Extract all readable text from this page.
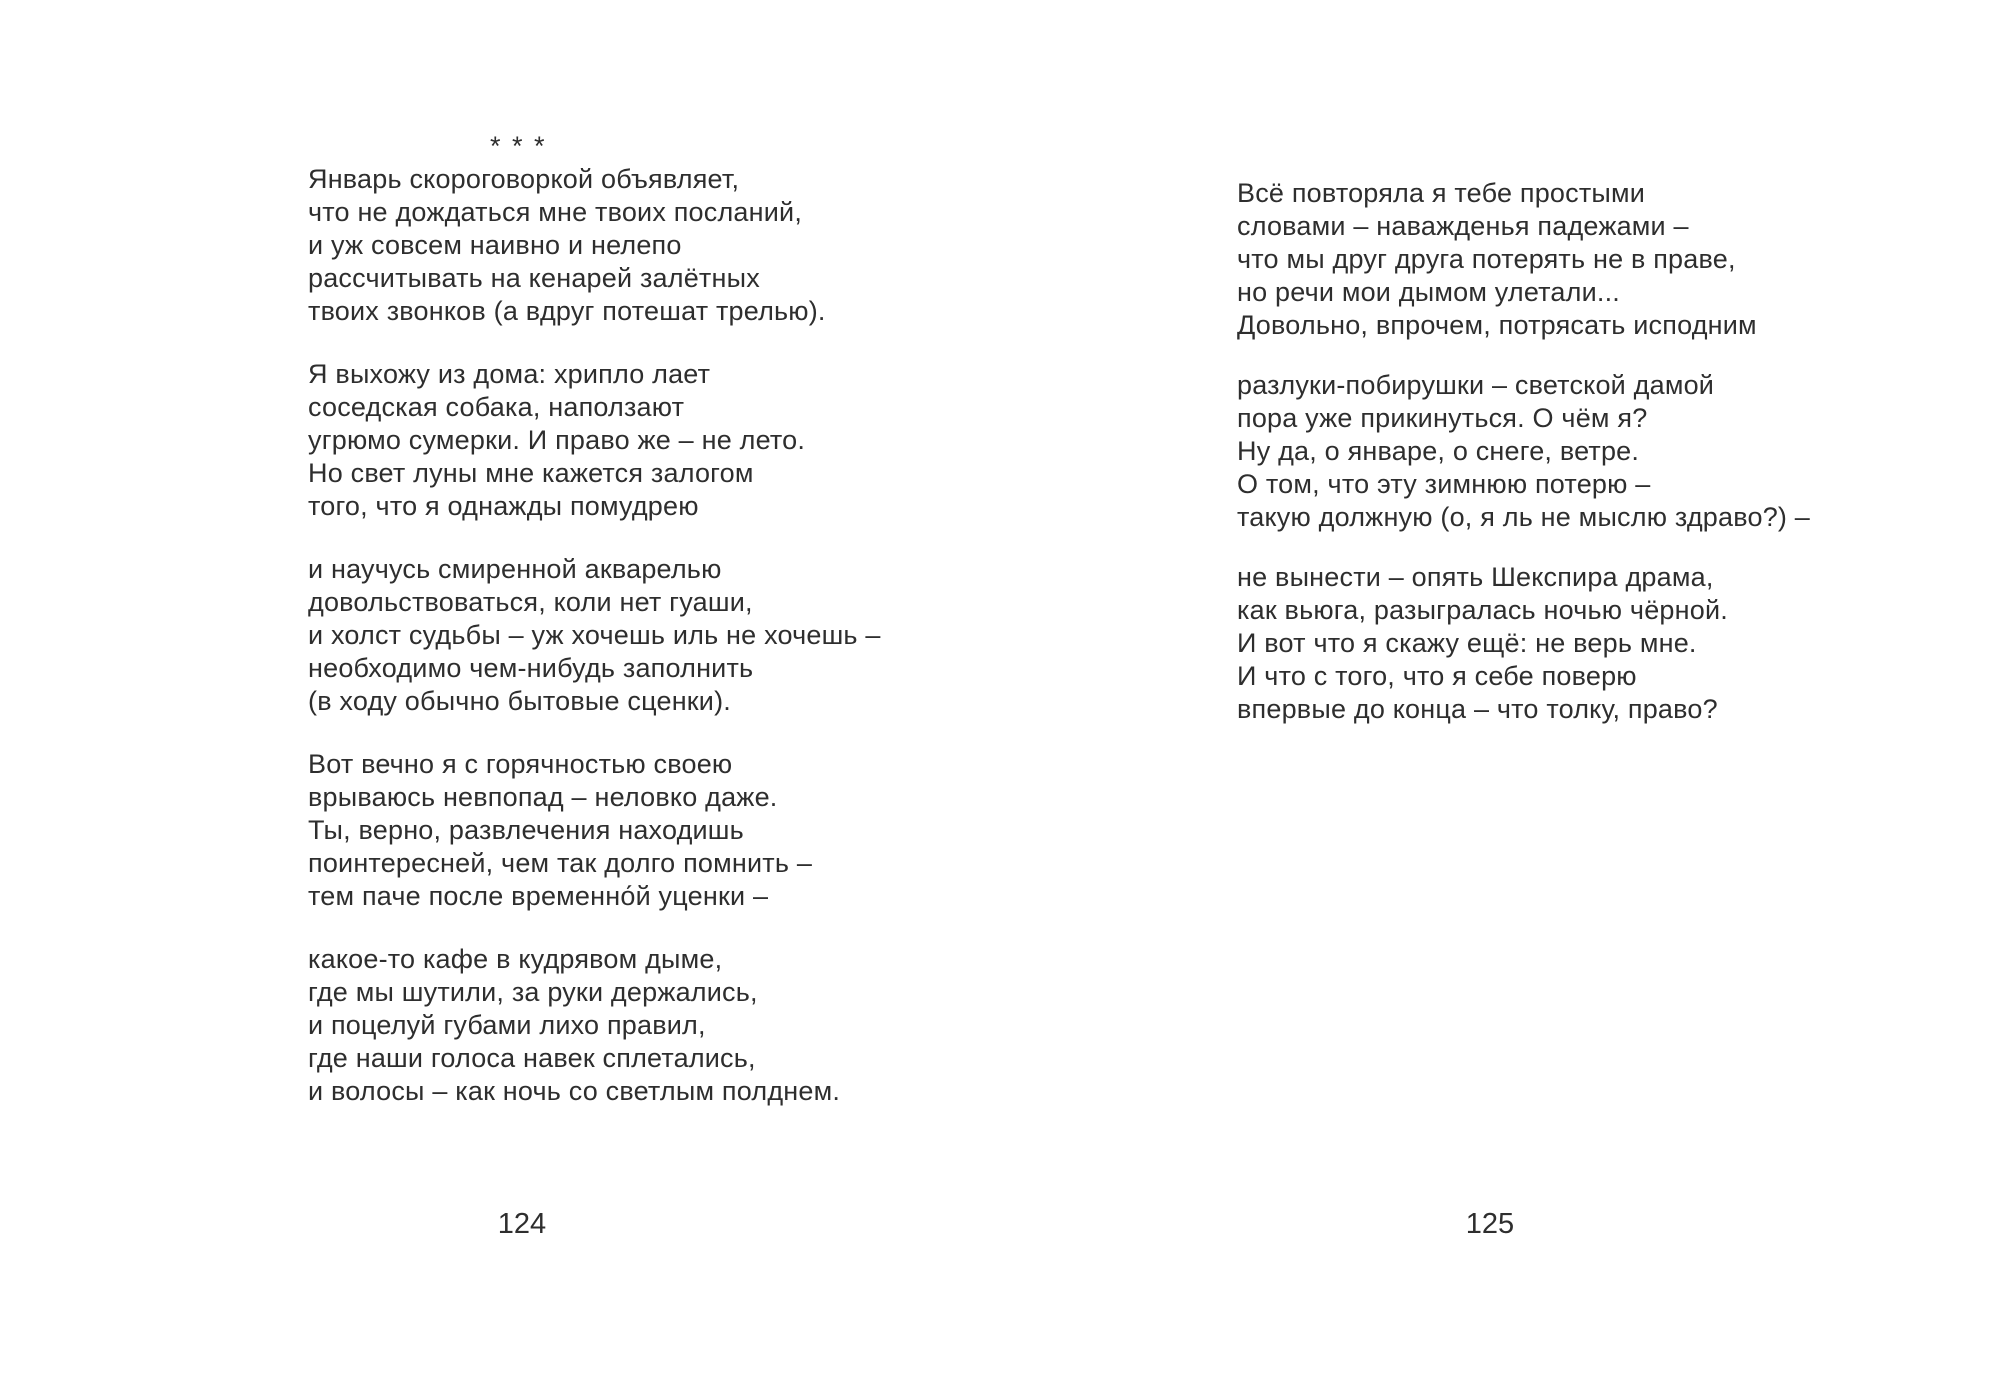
* * *
Январь скороговоркой объявляет,
что не дождаться мне твоих посланий,
и уж совсем наивно и нелепо
рассчитывать на кенарей залётных
твоих звонков (а вдруг потешат трелью).
Я выхожу из дома: хрипло лает
соседская собака, наползают
угрюмо сумерки. И право же – не лето.
Но свет луны мне кажется залогом
того, что я однажды помудрею
и научусь смиренной акварелью
довольствоваться, коли нет гуаши,
и холст судьбы – уж хочешь иль не хочешь –
необходимо чем-нибудь заполнить
(в ходу обычно бытовые сценки).
Вот вечно я с горячностью своею
врываюсь невпопад – неловко даже.
Ты, верно, развлечения находишь
поинтересней, чем так долго помнить –
тем паче после временно́й уценки –
какое-то кафе в кудрявом дыме,
где мы шутили, за руки держались,
и поцелуй губами лихо правил,
где наши голоса навек сплетались,
и волосы – как ночь со светлым полднем.
Всё повторяла я тебе простыми
словами – наважденья падежами –
что мы друг друга потерять не в праве,
но речи мои дымом улетали...
Довольно, впрочем, потрясать исподним
разлуки-побирушки – светской дамой
пора уже прикинуться. О чём я?
Ну да, о январе, о снеге, ветре.
О том, что эту зимнюю потерю –
такую должную (о, я ль не мыслю здраво?) –
не вынести – опять Шекспира драма,
как вьюга, разыгралась ночью чёрной.
И вот что я скажу ещё: не верь мне.
И что с того, что я себе поверю
впервые до конца – что толку, право?
124	125
